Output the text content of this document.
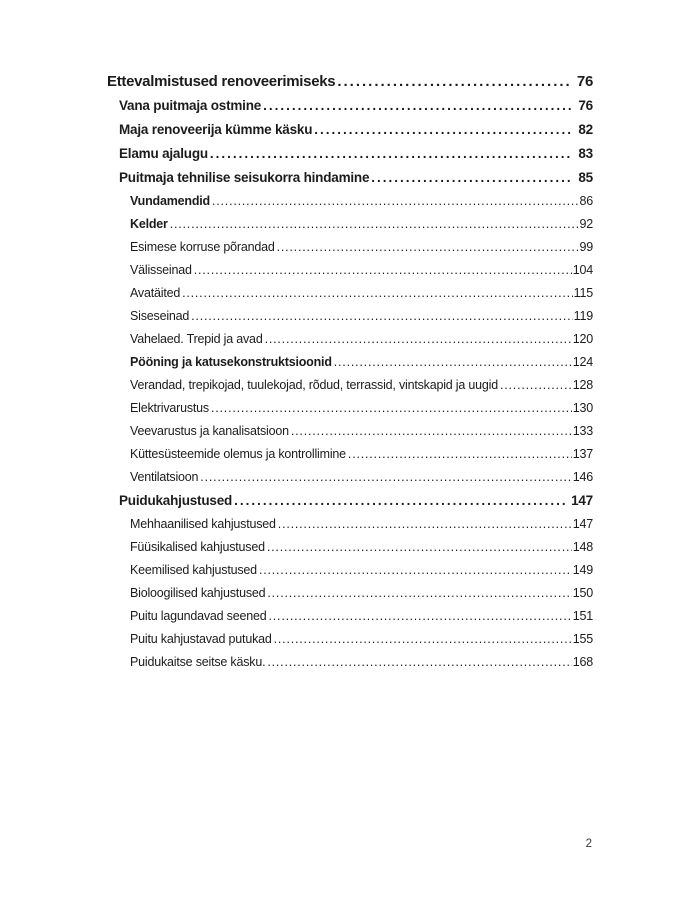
Ettevalmistused renoveerimiseks .....	76
Vana puitmaja ostmine .....	76
Maja renoveerija kümme käsku .....	82
Elamu ajalugu .....	83
Puitmaja tehnilise seisukorra hindamine .....	85
Vundamendid .....	86
Kelder .....	92
Esimese korruse põrandad .....	99
Välisseinad .....	104
Avatäited .....	115
Siseseinad .....	119
Vahelaed. Trepid ja avad .....	120
Pööning ja katusekonstruktsioonid .....	124
Verandad, trepikojad, tuulekojad, rõdud, terrassid, vintskapid ja uugid .....	128
Elektrivarustus .....	130
Veevarustus ja kanalisatsioon .....	133
Küttesüsteemide olemus ja kontrollimine .....	137
Ventilatsioon .....	146
Puidukahjustused .....	147
Mehhaanilised kahjustused .....	147
Füüsikalised kahjustused .....	148
Keemilised kahjustused .....	149
Bioloogilised kahjustused .....	150
Puitu lagundavad seened .....	151
Puitu kahjustavad putukad .....	155
Puidukaitse seitse käsku. .....	168
2
